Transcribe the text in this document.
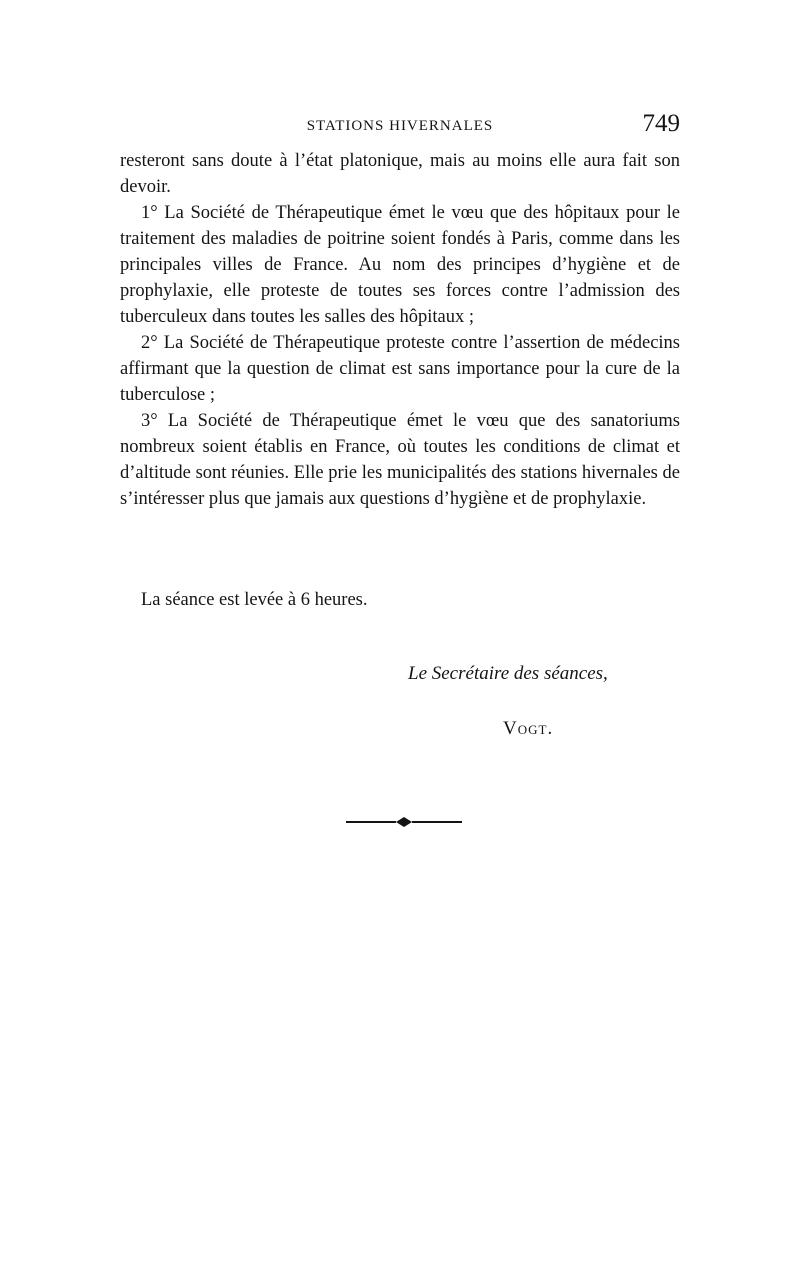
STATIONS HIVERNALES	749

resteront sans doute à l’état platonique, mais au moins elle aura fait son devoir.

1° La Société de Thérapeutique émet le vœu que des hôpitaux pour le traitement des maladies de poitrine soient fondés à Paris, comme dans les principales villes de France. Au nom des principes d’hygiène et de prophylaxie, elle proteste de toutes ses forces contre l’admission des tuberculeux dans toutes les salles des hôpitaux ;

2° La Société de Thérapeutique proteste contre l’assertion de médecins affirmant que la question de climat est sans importance pour la cure de la tuberculose ;

3° La Société de Thérapeutique émet le vœu que des sanatoriums nombreux soient établis en France, où toutes les conditions de climat et d’altitude sont réunies. Elle prie les municipalités des stations hivernales de s’intéresser plus que jamais aux questions d’hygiène et de prophylaxie.

La séance est levée à 6 heures.
Le Secrétaire des séances,
Vogt.
